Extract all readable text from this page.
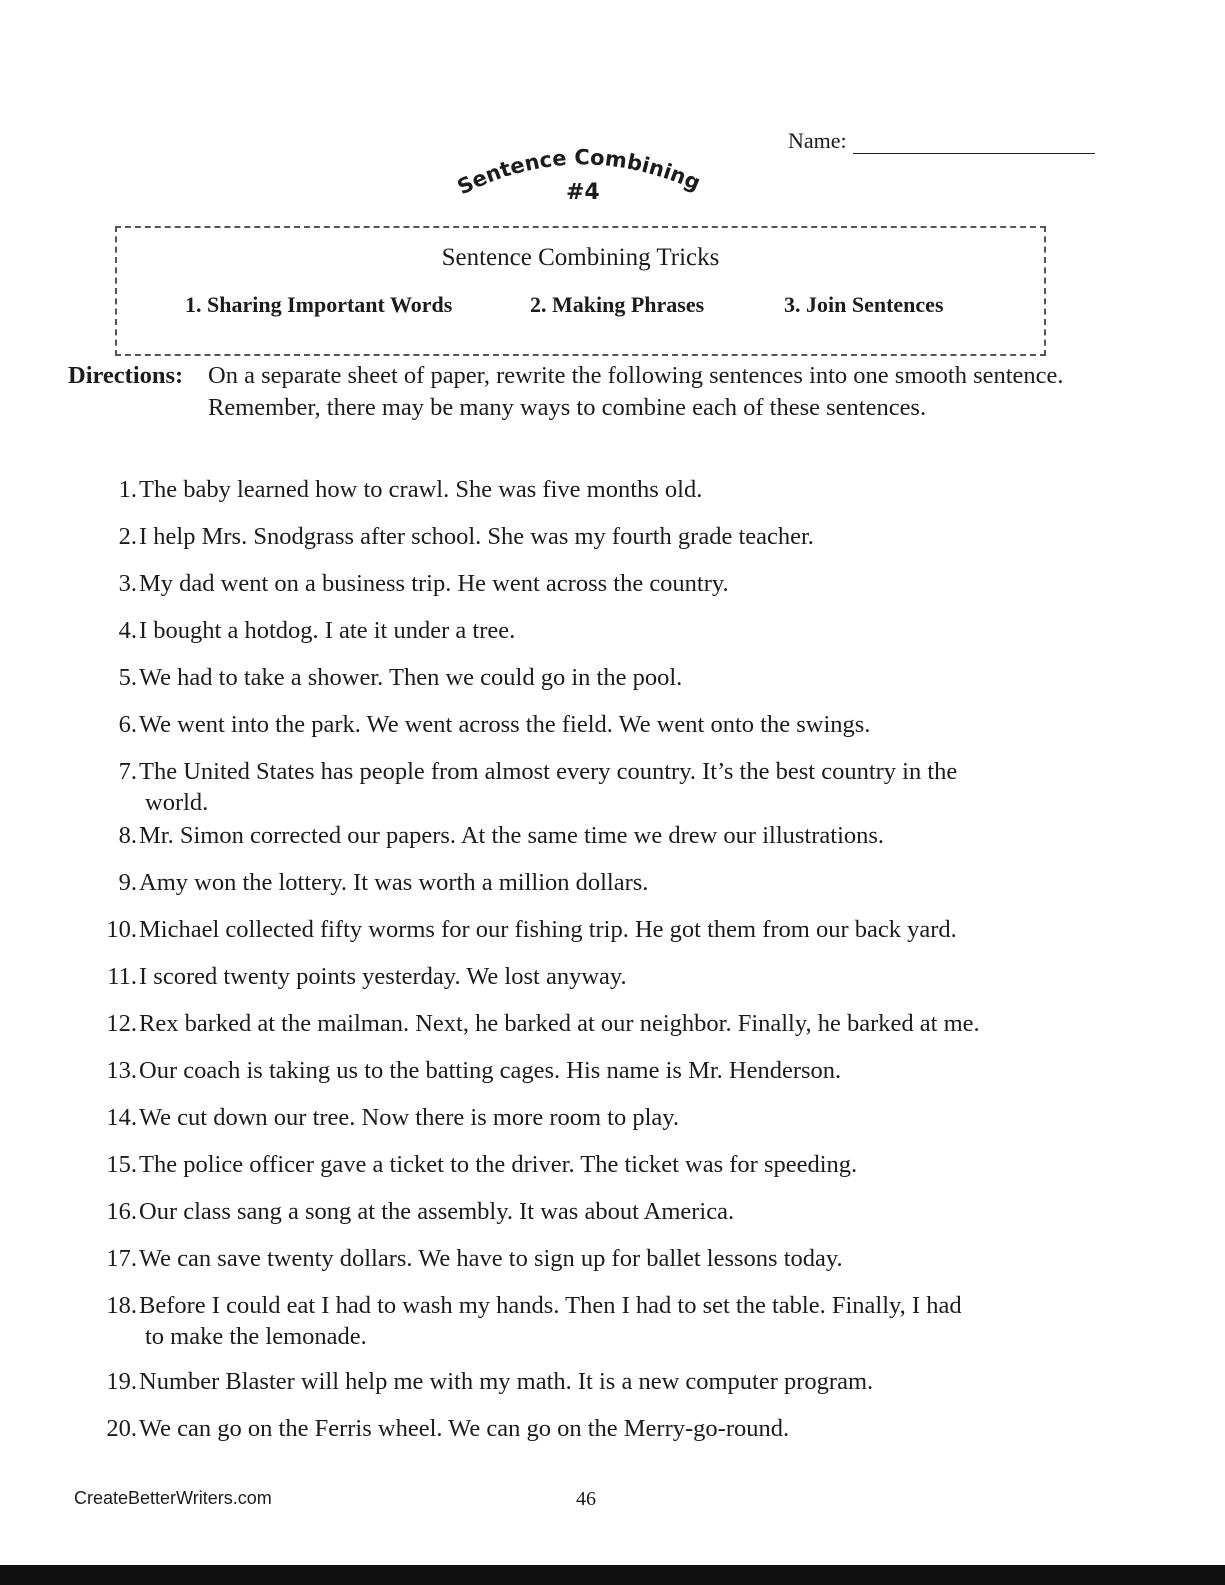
Name:
Sentence Combining
#4
Sentence Combining Tricks
1. Sharing Important Words	2. Making Phrases	3. Join Sentences
Directions: On a separate sheet of paper, rewrite the following sentences into one smooth sentence. Remember, there may be many ways to combine each of these sentences.
1.The baby learned how to crawl. She was five months old.
2.I help Mrs. Snodgrass after school. She was my fourth grade teacher.
3.My dad went on a business trip. He went across the country.
4.I bought a hotdog. I ate it under a tree.
5.We had to take a shower. Then we could go in the pool.
6.We went into the park. We went across the field. We went onto the swings.
7.The United States has people from almost every country. It’s the best country in the
world.
8.Mr. Simon corrected our papers. At the same time we drew our illustrations.
9.Amy won the lottery. It was worth a million dollars.
10.Michael collected fifty worms for our fishing trip. He got them from our back yard.
11.I scored twenty points yesterday. We lost anyway.
12.Rex barked at the mailman. Next, he barked at our neighbor. Finally, he barked at me.
13.Our coach is taking us to the batting cages. His name is Mr. Henderson.
14.We cut down our tree. Now there is more room to play.
15.The police officer gave a ticket to the driver. The ticket was for speeding.
16.Our class sang a song at the assembly. It was about America.
17.We can save twenty dollars. We have to sign up for ballet lessons today.
18.Before I could eat I had to wash my hands. Then I had to set the table. Finally, I had
to make the lemonade.
19.Number Blaster will help me with my math. It is a new computer program.
20.We can go on the Ferris wheel. We can go on the Merry-go-round.
CreateBetterWriters.com	46
